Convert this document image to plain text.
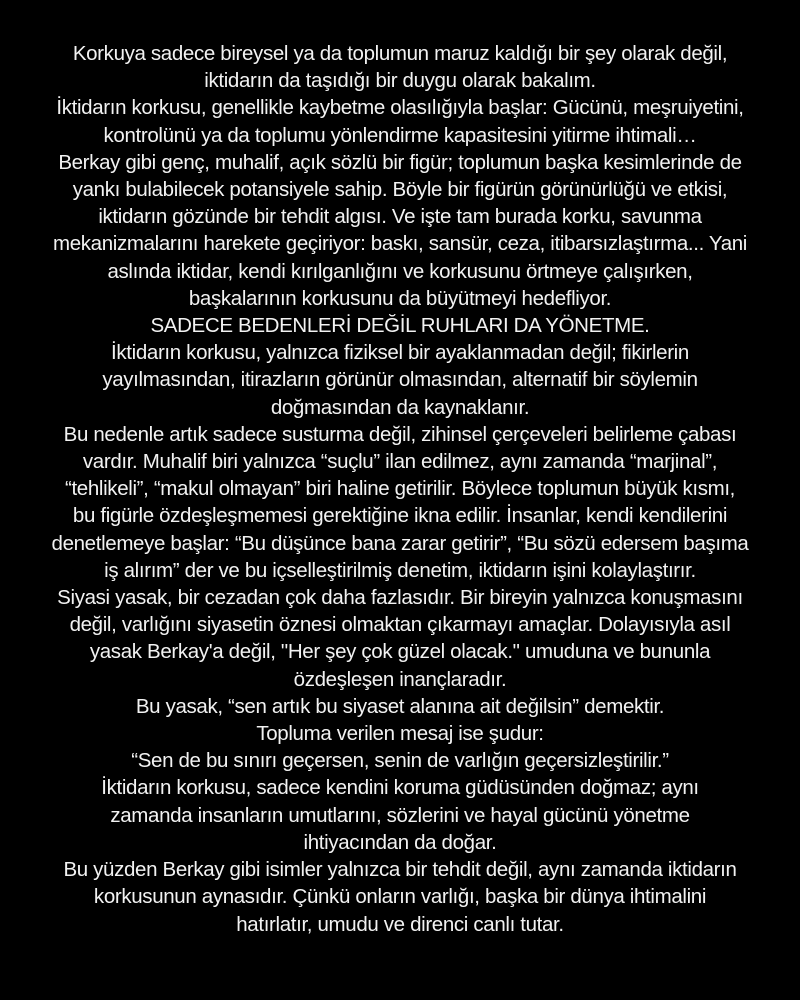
Korkuya sadece bireysel ya da toplumun maruz kaldığı bir şey olarak değil,
iktidarın da taşıdığı bir duygu olarak bakalım.
İktidarın korkusu, genellikle kaybetme olasılığıyla başlar: Gücünü, meşruiyetini,
kontrolünü ya da toplumu yönlendirme kapasitesini yitirme ihtimali…
Berkay gibi genç, muhalif, açık sözlü bir figür; toplumun başka kesimlerinde de
yankı bulabilecek potansiyele sahip. Böyle bir figürün görünürlüğü ve etkisi,
iktidarın gözünde bir tehdit algısı. Ve işte tam burada korku, savunma
mekanizmalarını harekete geçiriyor: baskı, sansür, ceza, itibarsızlaştırma... Yani
aslında iktidar, kendi kırılganlığını ve korkusunu örtmeye çalışırken,
başkalarının korkusunu da büyütmeyi hedefliyor.
SADECE BEDENLERİ DEĞİL RUHLARI DA YÖNETME.
İktidarın korkusu, yalnızca fiziksel bir ayaklanmadan değil; fikirlerin
yayılmasından, itirazların görünür olmasından, alternatif bir söylemin
doğmasından da kaynaklanır.
Bu nedenle artık sadece susturma değil, zihinsel çerçeveleri belirleme çabası
vardır. Muhalif biri yalnızca “suçlu” ilan edilmez, aynı zamanda “marjinal”,
“tehlikeli”, “makul olmayan” biri haline getirilir. Böylece toplumun büyük kısmı,
bu figürle özdeşleşmemesi gerektiğine ikna edilir. İnsanlar, kendi kendilerini
denetlemeye başlar: “Bu düşünce bana zarar getirir”, “Bu sözü edersem başıma
iş alırım” der ve bu içselleştirilmiş denetim, iktidarın işini kolaylaştırır.
Siyasi yasak, bir cezadan çok daha fazlasıdır. Bir bireyin yalnızca konuşmasını
değil, varlığını siyasetin öznesi olmaktan çıkarmayı amaçlar. Dolayısıyla asıl
yasak Berkay'a değil, "Her şey çok güzel olacak." umuduna ve bununla
özdeşleşen inançlaradır.
Bu yasak, “sen artık bu siyaset alanına ait değilsin” demektir.
Topluma verilen mesaj ise şudur:
“Sen de bu sınırı geçersen, senin de varlığın geçersizleştirilir.”
İktidarın korkusu, sadece kendini koruma güdüsünden doğmaz; aynı
zamanda insanların umutlarını, sözlerini ve hayal gücünü yönetme
ihtiyacından da doğar.
Bu yüzden Berkay gibi isimler yalnızca bir tehdit değil, aynı zamanda iktidarın
korkusunun aynasıdır. Çünkü onların varlığı, başka bir dünya ihtimalini
hatırlatır, umudu ve direnci canlı tutar.
